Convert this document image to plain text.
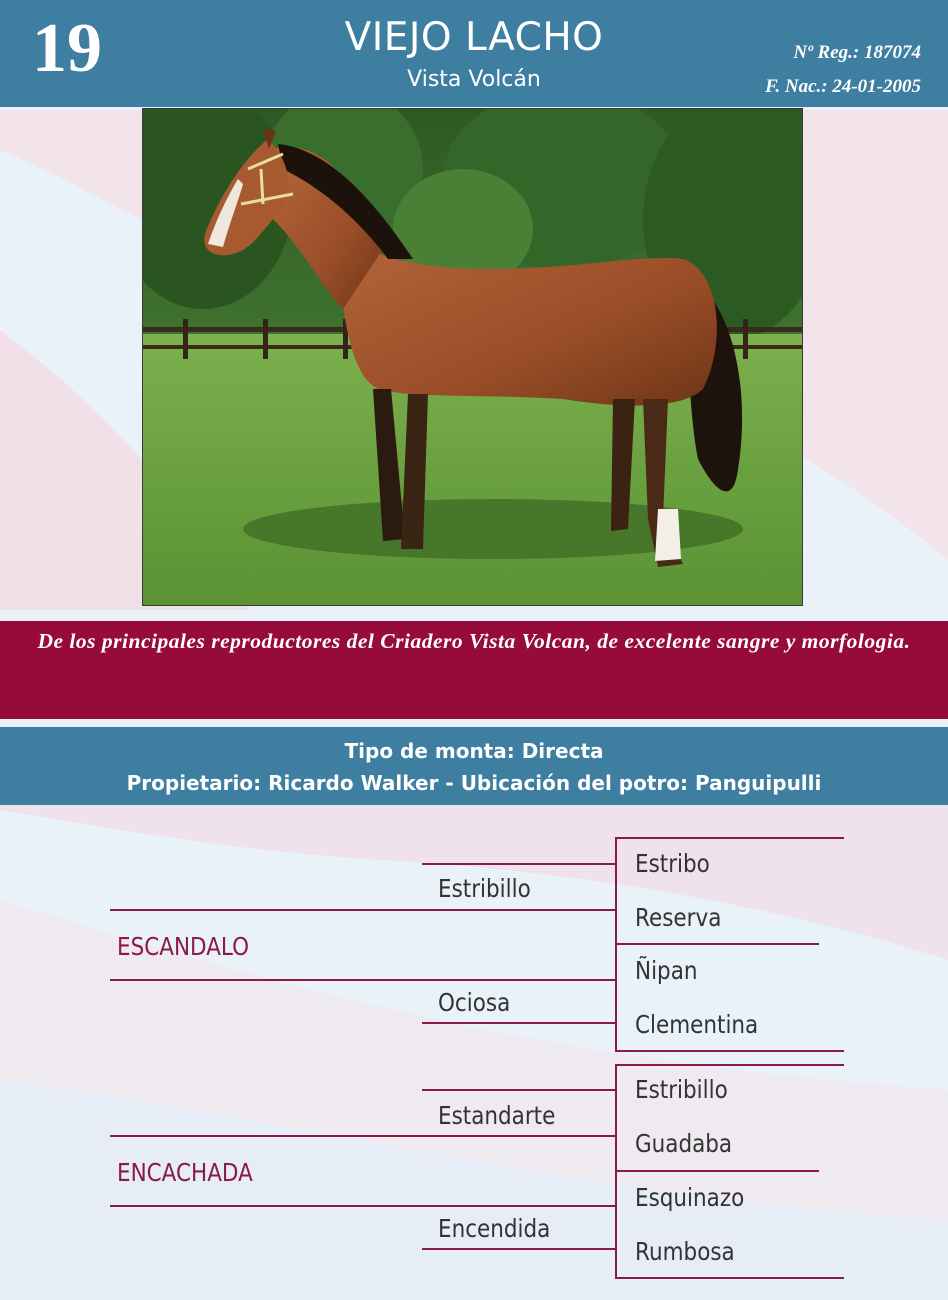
19	VIEJO LACHO
Vista Volcán
Nº Reg.: 187074
F. Nac.: 24-01-2005

De los principales reproductores del Criadero Vista Volcan, de excelente sangre y morfologia.

Tipo de monta: Directa
Propietario: Ricardo Walker - Ubicación del potro: Panguipulli
Estribo
Estribillo
Reserva
ESCANDALO
Ñipan
Ociosa
Clementina
Estribillo
Estandarte
Guadaba
ENCACHADA
Esquinazo
Encendida
Rumbosa
